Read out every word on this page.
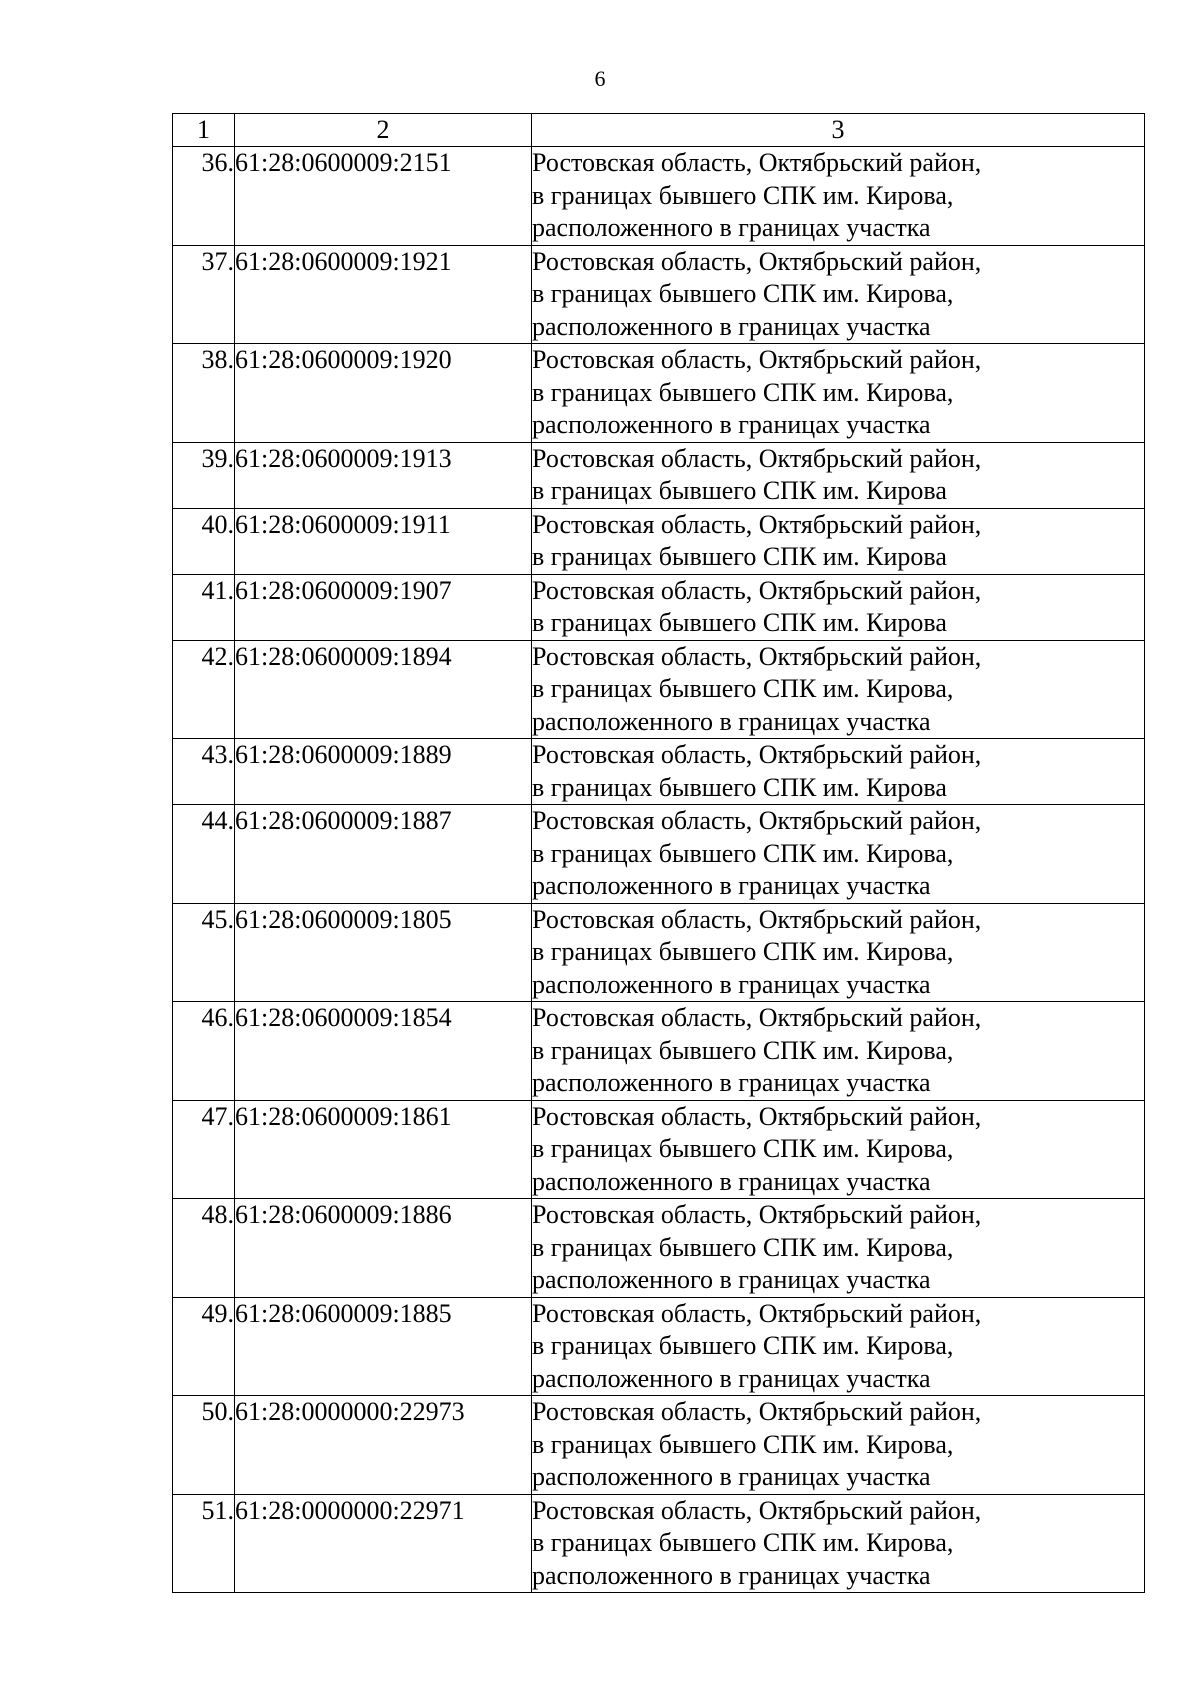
6
1	2	3
36.	61:28:0600009:2151	Ростовская область, Октябрьский район,
в границах бывшего СПК им. Кирова,
расположенного в границах участка

37.	61:28:0600009:1921	Ростовская область, Октябрьский район,
в границах бывшего СПК им. Кирова,
расположенного в границах участка

38.	61:28:0600009:1920	Ростовская область, Октябрьский район,
в границах бывшего СПК им. Кирова,
расположенного в границах участка

39.	61:28:0600009:1913	Ростовская область, Октябрьский район,
в границах бывшего СПК им. Кирова

40.	61:28:0600009:1911	Ростовская область, Октябрьский район,
в границах бывшего СПК им. Кирова

41.	61:28:0600009:1907	Ростовская область, Октябрьский район,
в границах бывшего СПК им. Кирова

42.	61:28:0600009:1894	Ростовская область, Октябрьский район,
в границах бывшего СПК им. Кирова,
расположенного в границах участка

43.	61:28:0600009:1889	Ростовская область, Октябрьский район,
в границах бывшего СПК им. Кирова

44.	61:28:0600009:1887	Ростовская область, Октябрьский район,
в границах бывшего СПК им. Кирова,
расположенного в границах участка

45.	61:28:0600009:1805	Ростовская область, Октябрьский район,
в границах бывшего СПК им. Кирова,
расположенного в границах участка

46.	61:28:0600009:1854	Ростовская область, Октябрьский район,
в границах бывшего СПК им. Кирова,
расположенного в границах участка

47.	61:28:0600009:1861	Ростовская область, Октябрьский район,
в границах бывшего СПК им. Кирова,
расположенного в границах участка

48.	61:28:0600009:1886	Ростовская область, Октябрьский район,
в границах бывшего СПК им. Кирова,
расположенного в границах участка

49.	61:28:0600009:1885	Ростовская область, Октябрьский район,
в границах бывшего СПК им. Кирова,
расположенного в границах участка

50.	61:28:0000000:22973	Ростовская область, Октябрьский район,
в границах бывшего СПК им. Кирова,
расположенного в границах участка

51.	61:28:0000000:22971	Ростовская область, Октябрьский район,
в границах бывшего СПК им. Кирова,
расположенного в границах участка
